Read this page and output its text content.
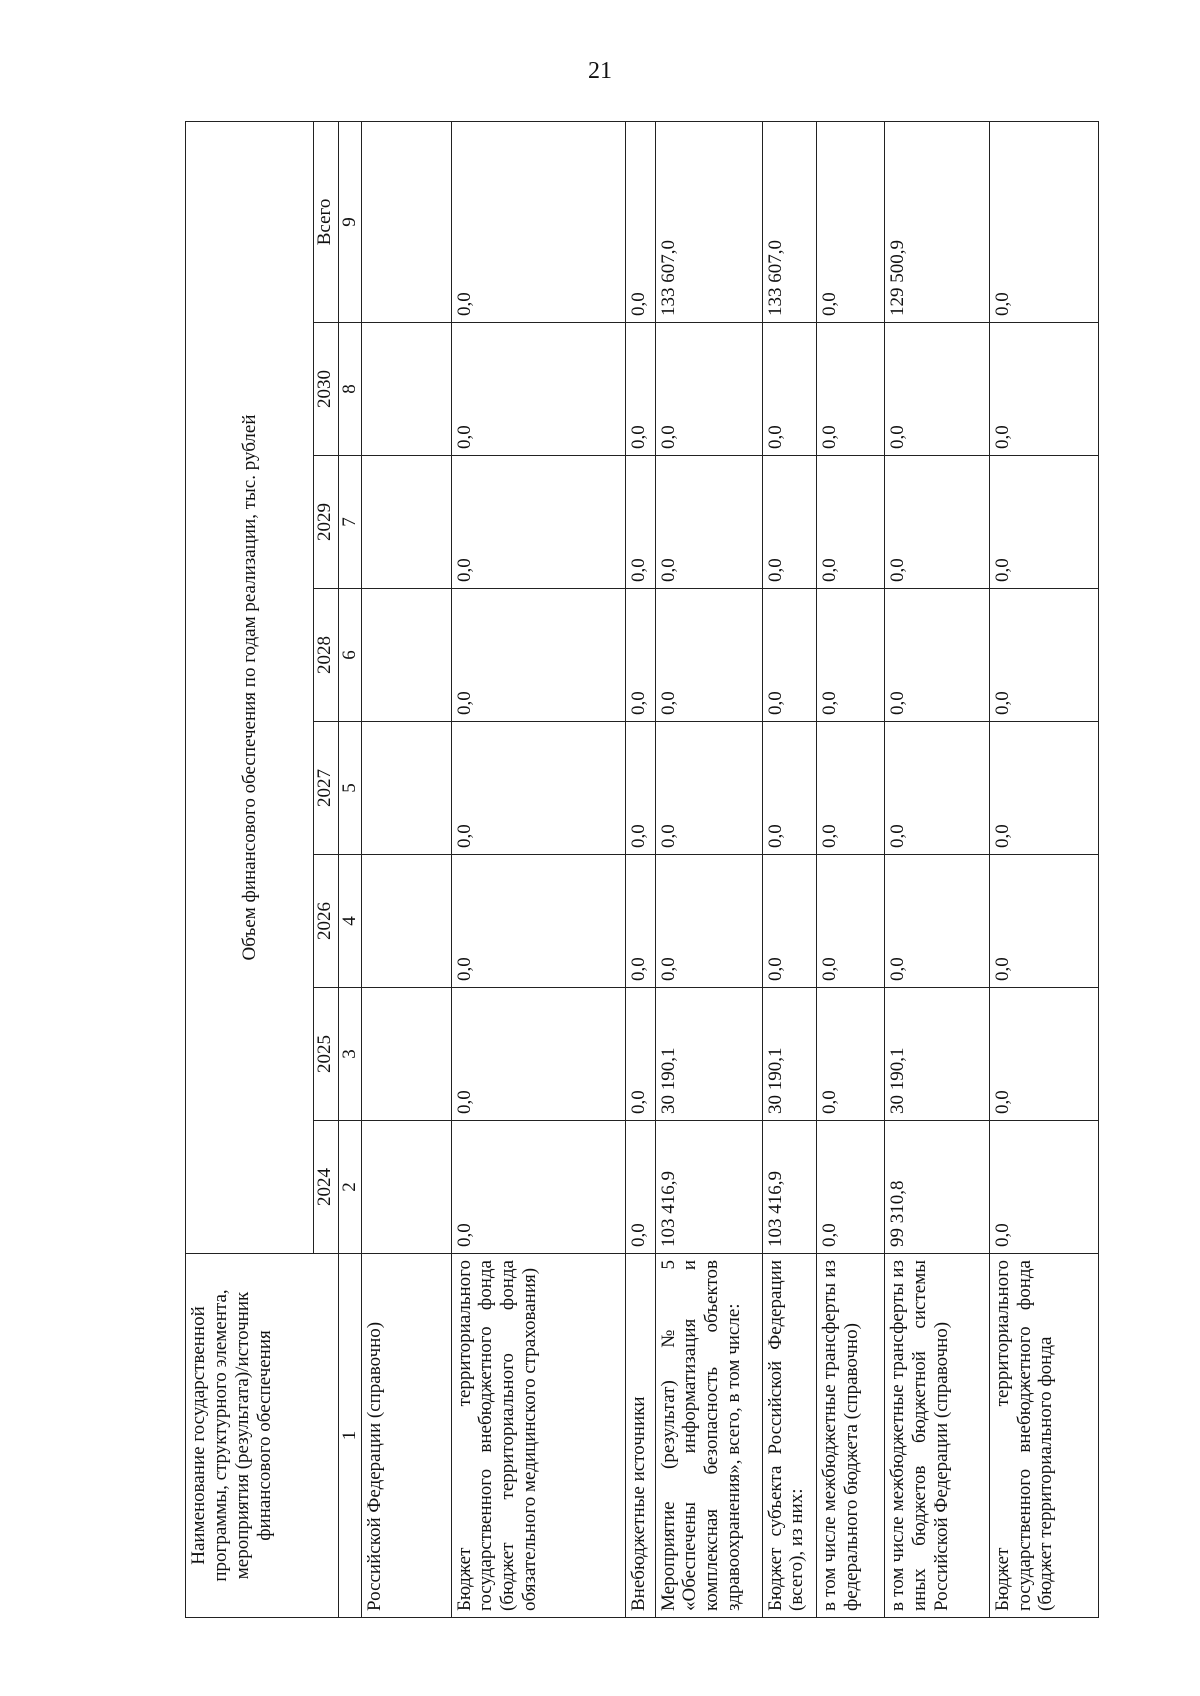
21
Наименование государственной программы, структурного элемента, мероприятия (результата)/источник финансового обеспечения	Объем финансового обеспечения по годам реализации, тыс. рублей							
	2024	2025	2026	2027	2028	2029	2030	Всего
1	2	3	4	5	6	7	8	9
Российской Федерации (справочно)								
Бюджет территориального государственного внебюджетного фонда (бюджет территориального фонда обязательного медицинского страхования)	0,0	0,0	0,0	0,0	0,0	0,0	0,0	0,0
Внебюджетные источники	0,0	0,0	0,0	0,0	0,0	0,0	0,0	0,0
Мероприятие (результат) № 5 «Обеспечены информатизация и комплексная безопасность объектов здравоохранения», всего, в том числе:	103 416,9	30 190,1	0,0	0,0	0,0	0,0	0,0	133 607,0
Бюджет субъекта Российской Федерации (всего), из них:	103 416,9	30 190,1	0,0	0,0	0,0	0,0	0,0	133 607,0
в том числе межбюджетные трансферты из федерального бюджета (справочно)	0,0	0,0	0,0	0,0	0,0	0,0	0,0	0,0
в том числе межбюджетные трансферты из иных бюджетов бюджетной системы Российской Федерации (справочно)	99 310,8	30 190,1	0,0	0,0	0,0	0,0	0,0	129 500,9
Бюджет территориального государственного внебюджетного фонда (бюджет территориального фонда	0,0	0,0	0,0	0,0	0,0	0,0	0,0	0,0
